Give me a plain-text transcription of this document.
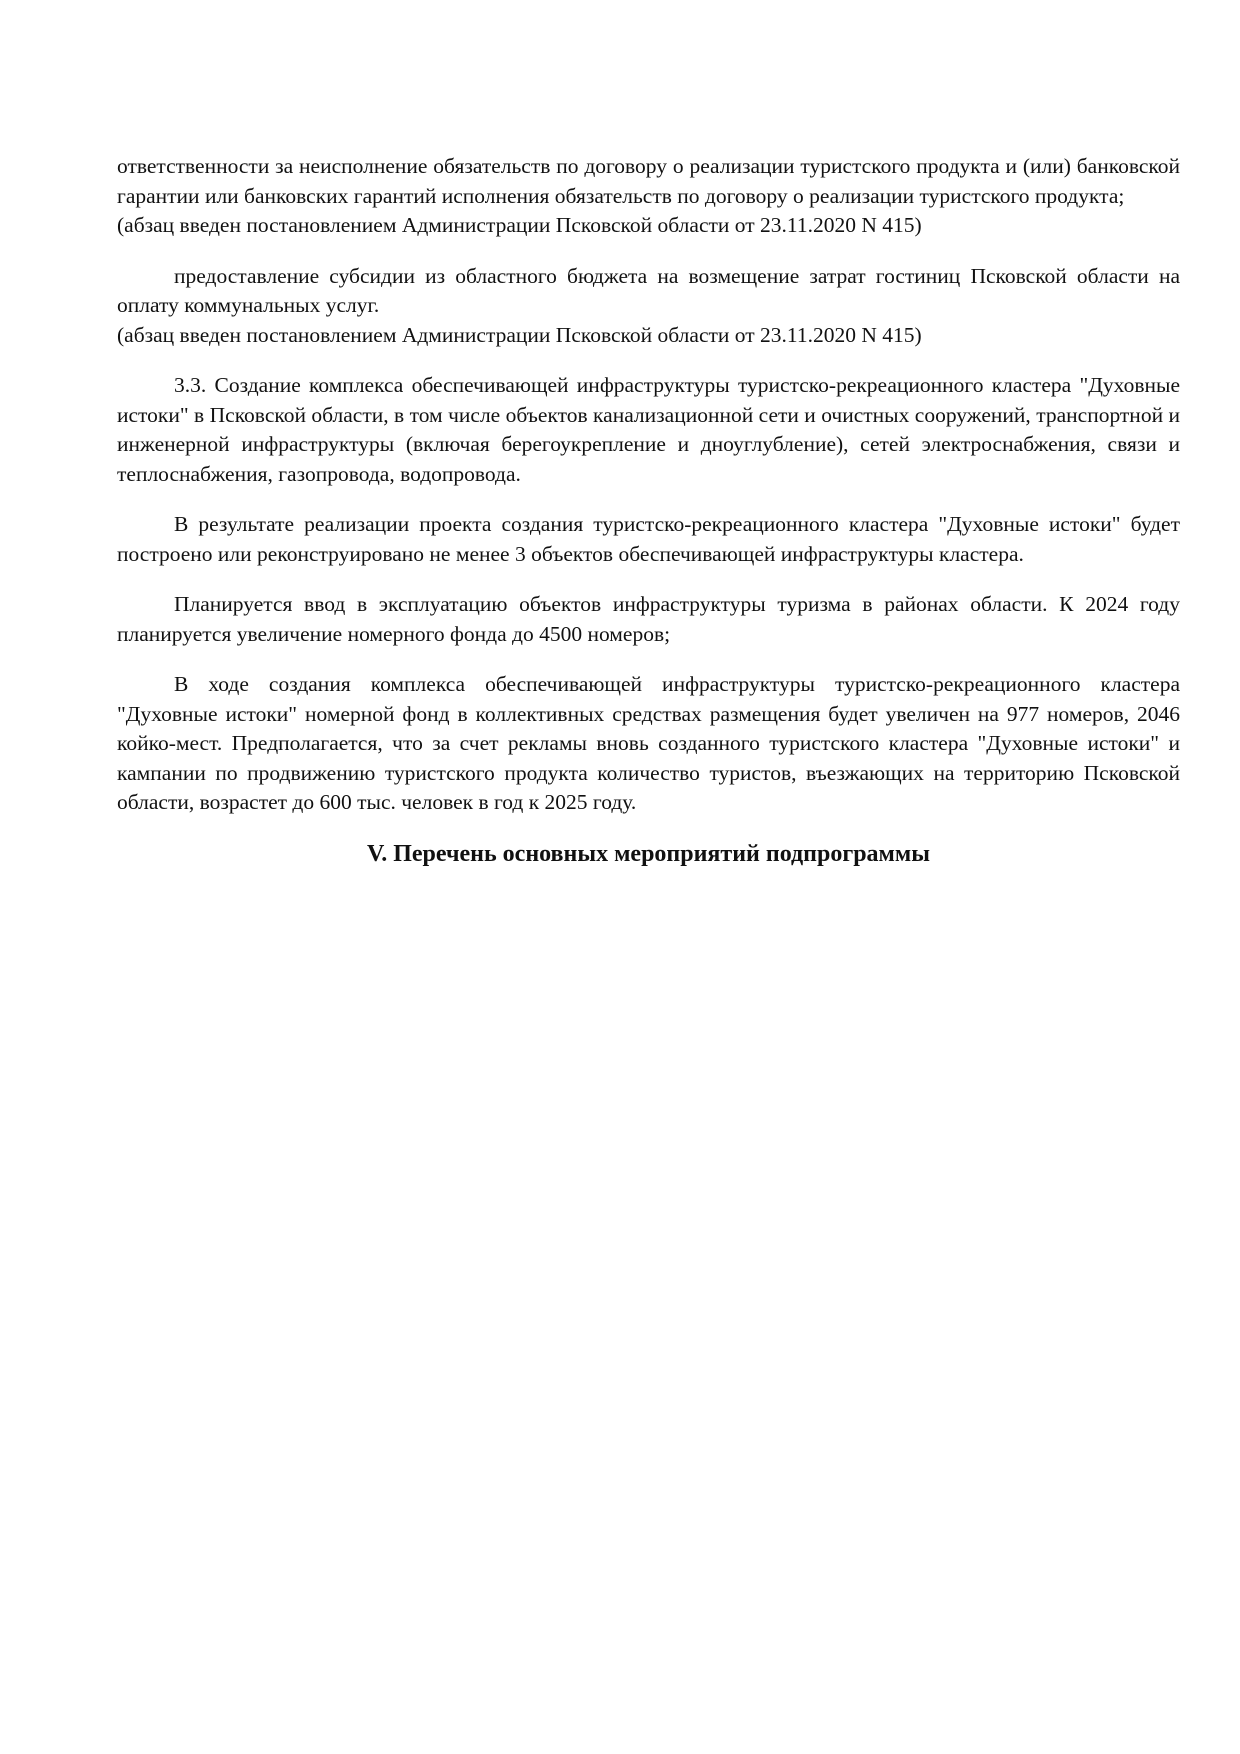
ответственности за неисполнение обязательств по договору о реализации туристского продукта и (или) банковской гарантии или банковских гарантий исполнения обязательств по договору о реализации туристского продукта;

(абзац введен постановлением Администрации Псковской области от 23.11.2020 N 415)

предоставление субсидии из областного бюджета на возмещение затрат гостиниц Псковской области на оплату коммунальных услуг.

(абзац введен постановлением Администрации Псковской области от 23.11.2020 N 415)

3.3. Создание комплекса обеспечивающей инфраструктуры туристско-рекреационного кластера "Духовные истоки" в Псковской области, в том числе объектов канализационной сети и очистных сооружений, транспортной и инженерной инфраструктуры (включая берегоукрепление и дноуглубление), сетей электроснабжения, связи и теплоснабжения, газопровода, водопровода.

В результате реализации проекта создания туристско-рекреационного кластера "Духовные истоки" будет построено или реконструировано не менее 3 объектов обеспечивающей инфраструктуры кластера.

Планируется ввод в эксплуатацию объектов инфраструктуры туризма в районах области. К 2024 году планируется увеличение номерного фонда до 4500 номеров;

В ходе создания комплекса обеспечивающей инфраструктуры туристско-рекреационного кластера "Духовные истоки" номерной фонд в коллективных средствах размещения будет увеличен на 977 номеров, 2046 койко-мест. Предполагается, что за счет рекламы вновь созданного туристского кластера "Духовные истоки" и кампании по продвижению туристского продукта количество туристов, въезжающих на территорию Псковской области, возрастет до 600 тыс. человек в год к 2025 году.

V. Перечень основных мероприятий подпрограммы
